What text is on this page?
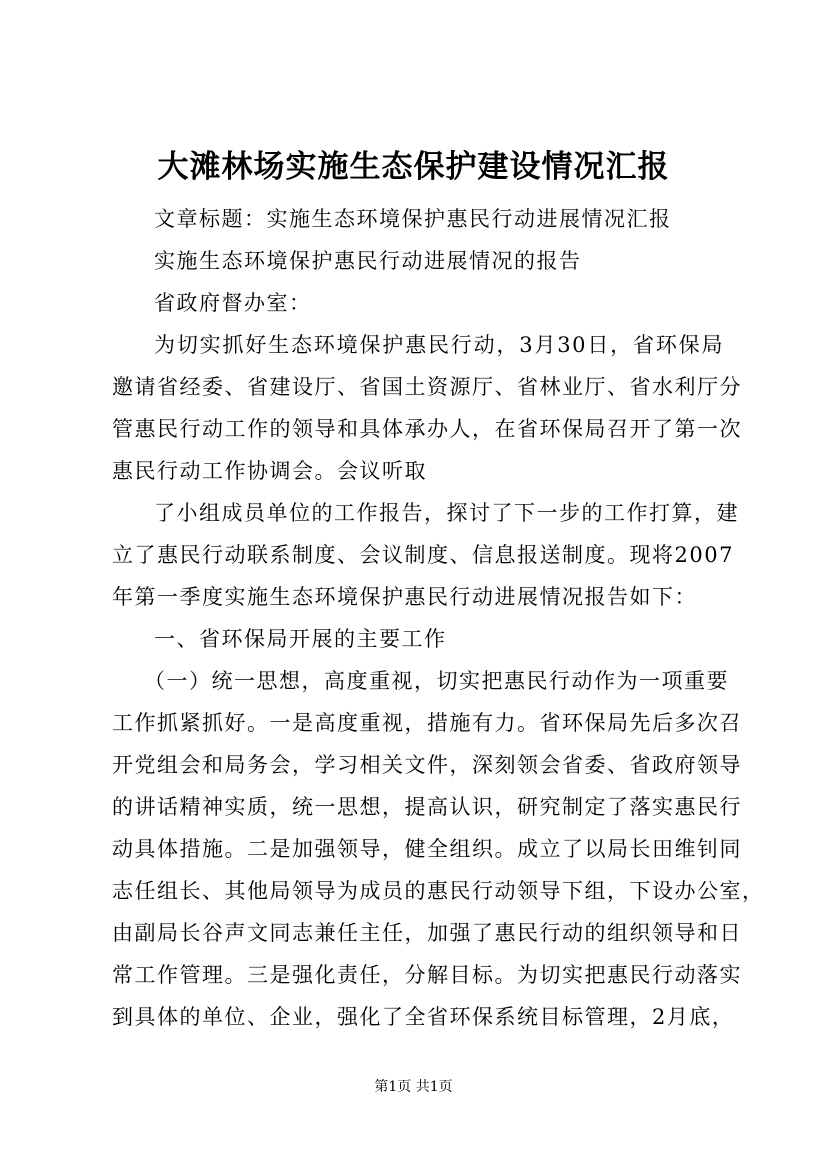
大滩林场实施生态保护建设情况汇报
文章标题：实施生态环境保护惠民行动进展情况汇报
实施生态环境保护惠民行动进展情况的报告
省政府督办室：
为切实抓好生态环境保护惠民行动，3月30日，省环保局
邀请省经委、省建设厅、省国土资源厅、省林业厅、省水利厅分
管惠民行动工作的领导和具体承办人，在省环保局召开了第一次
惠民行动工作协调会。会议听取
了小组成员单位的工作报告，探讨了下一步的工作打算，建
立了惠民行动联系制度、会议制度、信息报送制度。现将2007
年第一季度实施生态环境保护惠民行动进展情况报告如下：
一、省环保局开展的主要工作
（一）统一思想，高度重视，切实把惠民行动作为一项重要
工作抓紧抓好。一是高度重视，措施有力。省环保局先后多次召
开党组会和局务会，学习相关文件，深刻领会省委、省政府领导
的讲话精神实质，统一思想，提高认识，研究制定了落实惠民行
动具体措施。二是加强领导，健全组织。成立了以局长田维钊同
志任组长、其他局领导为成员的惠民行动领导下组，下设办公室，
由副局长谷声文同志兼任主任，加强了惠民行动的组织领导和日
常工作管理。三是强化责任，分解目标。为切实把惠民行动落实
到具体的单位、企业，强化了全省环保系统目标管理，2月底，
第1页 共1页
